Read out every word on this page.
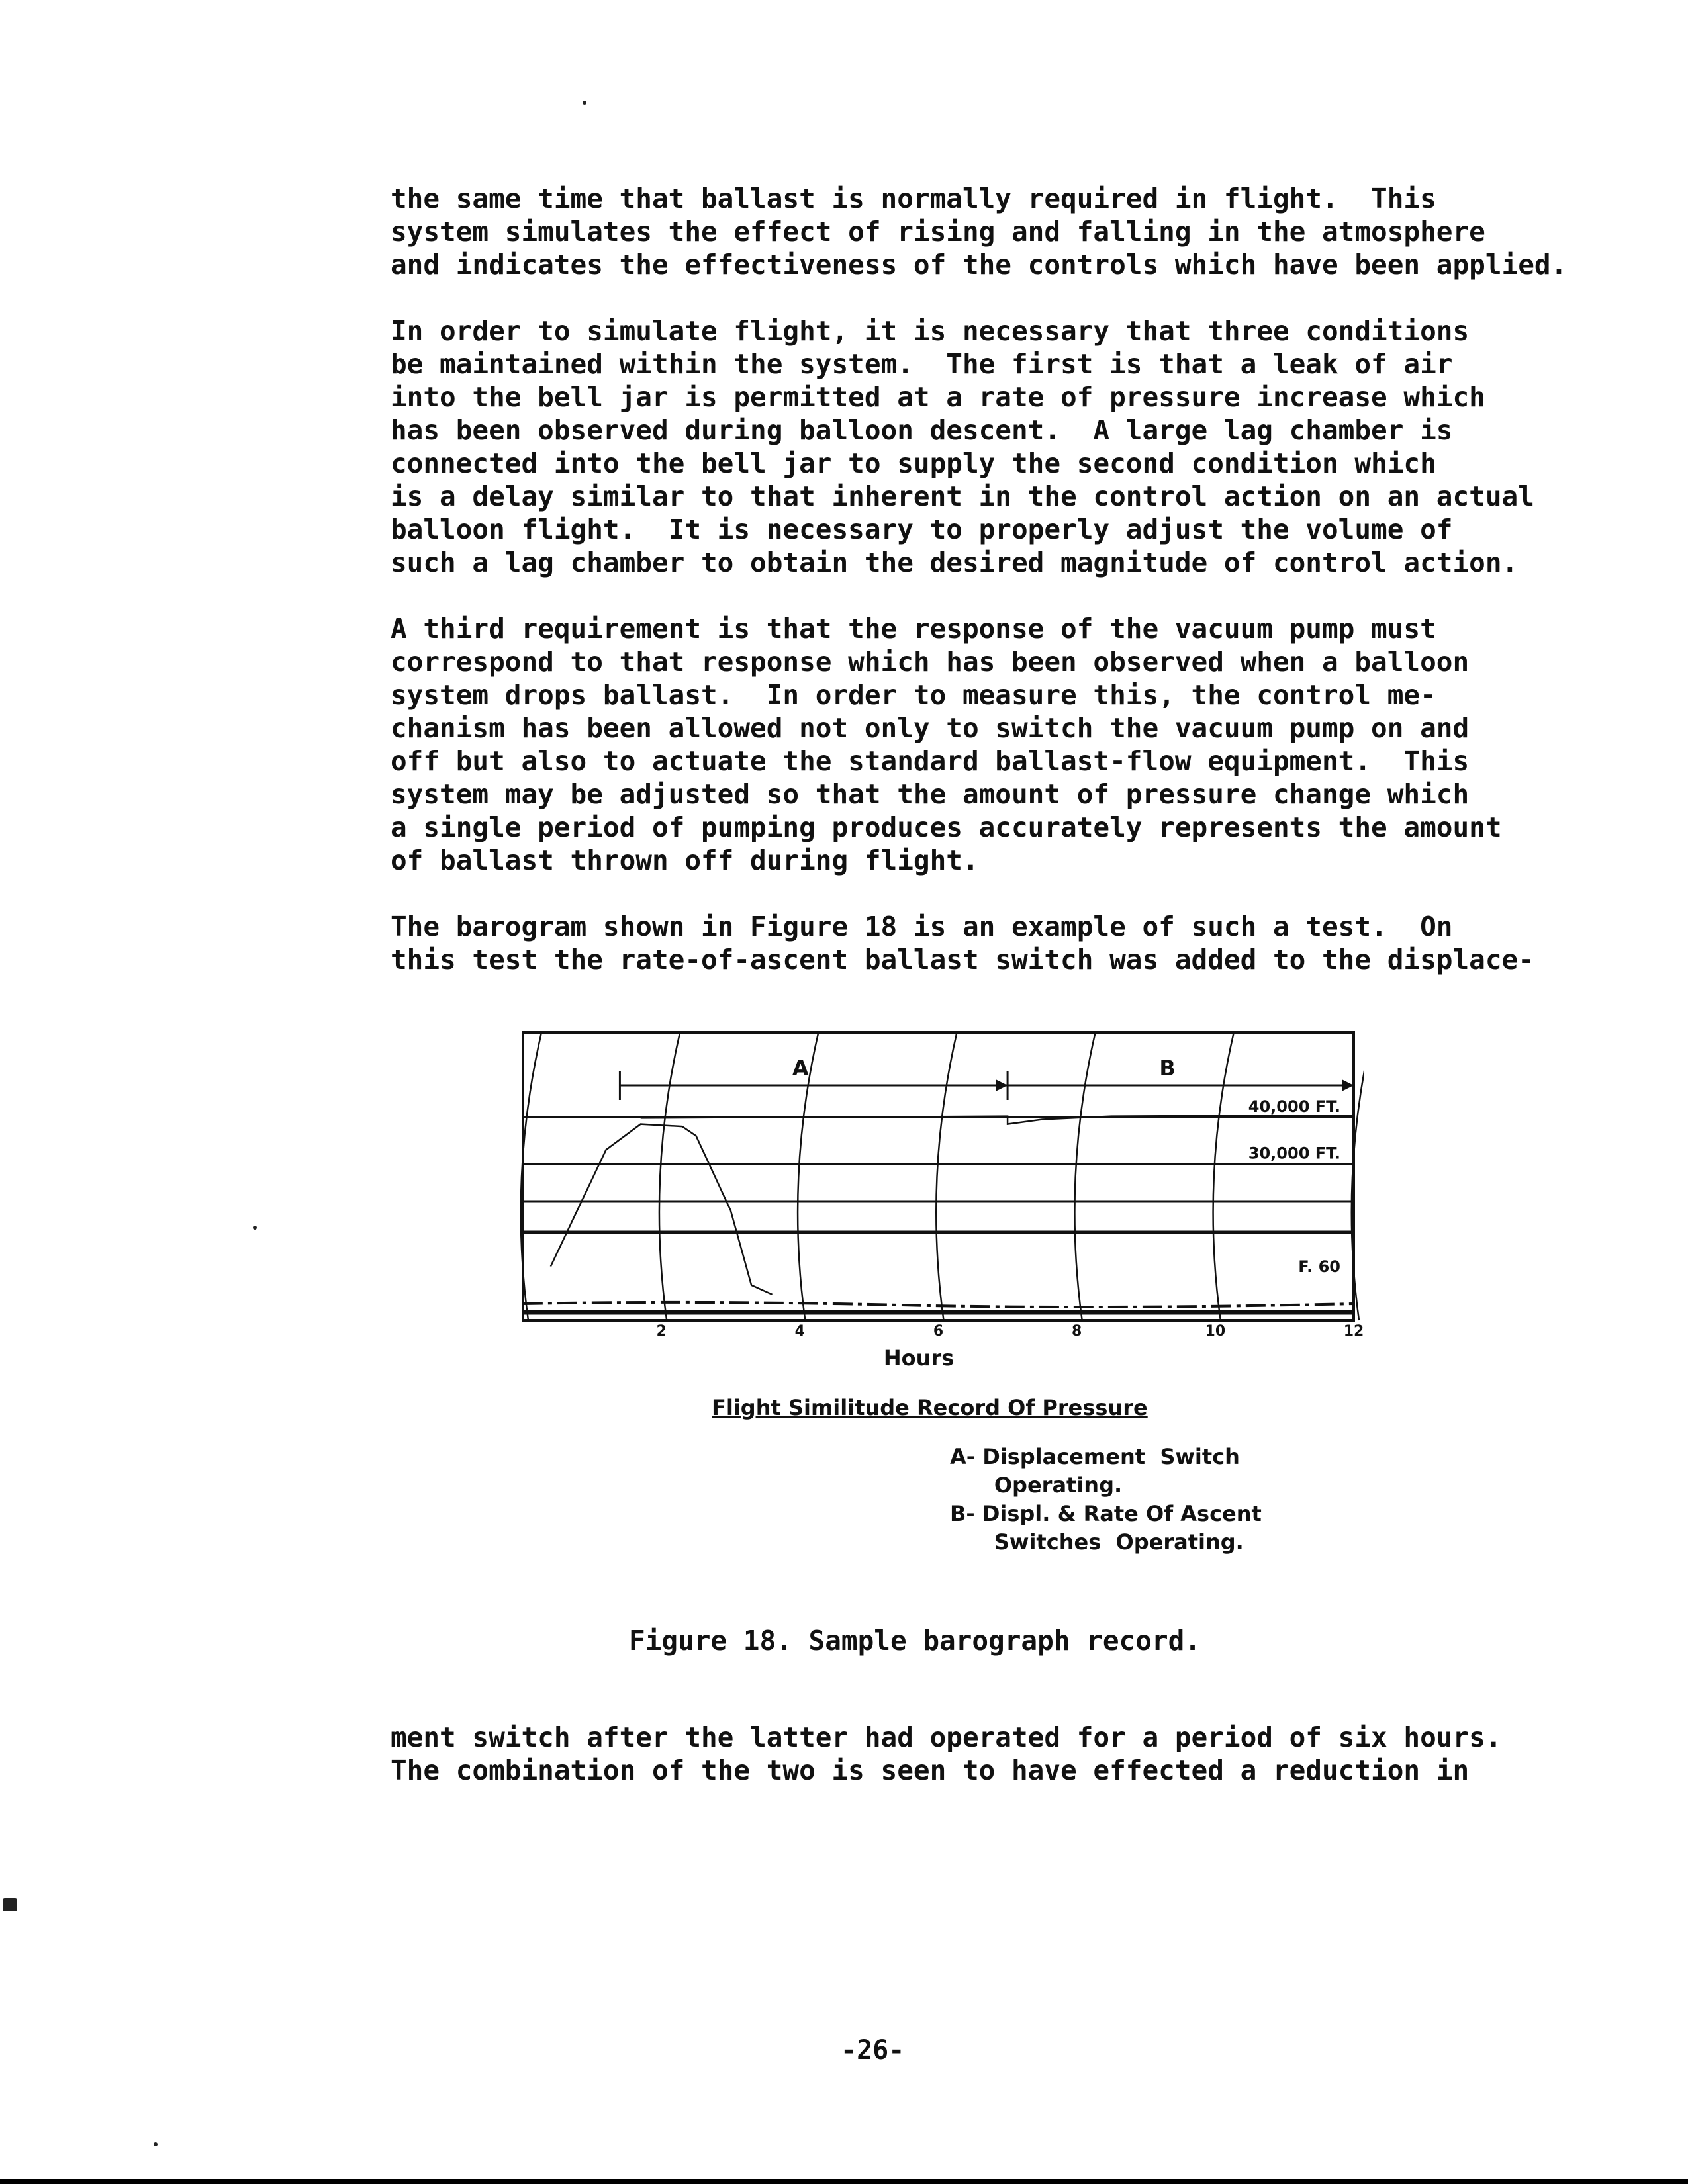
the same time that ballast is normally required in flight.  This
system simulates the effect of rising and falling in the atmosphere
and indicates the effectiveness of the controls which have been applied.
In order to simulate flight, it is necessary that three conditions
be maintained within the system.  The first is that a leak of air
into the bell jar is permitted at a rate of pressure increase which
has been observed during balloon descent.  A large lag chamber is
connected into the bell jar to supply the second condition which
is a delay similar to that inherent in the control action on an actual
balloon flight.  It is necessary to properly adjust the volume of
such a lag chamber to obtain the desired magnitude of control action.
A third requirement is that the response of the vacuum pump must
correspond to that response which has been observed when a balloon
system drops ballast.  In order to measure this, the control me-
chanism has been allowed not only to switch the vacuum pump on and
off but also to actuate the standard ballast-flow equipment.  This
system may be adjusted so that the amount of pressure change which
a single period of pumping produces accurately represents the amount
of ballast thrown off during flight.
The barogram shown in Figure 18 is an example of such a test.  On
this test the rate-of-ascent ballast switch was added to the displace-
ment switch after the latter had operated for a period of six hours.
The combination of the two is seen to have effected a reduction in
40,000 FT.
30,000 FT.
F. 60
A	B
2	4	6	8	10	12
Hours
Flight Similitude Record Of Pressure
A- Displacement  Switch
Operating.
B- Displ. & Rate Of Ascent
Switches  Operating.
Figure 18. Sample barograph record.
-26-
